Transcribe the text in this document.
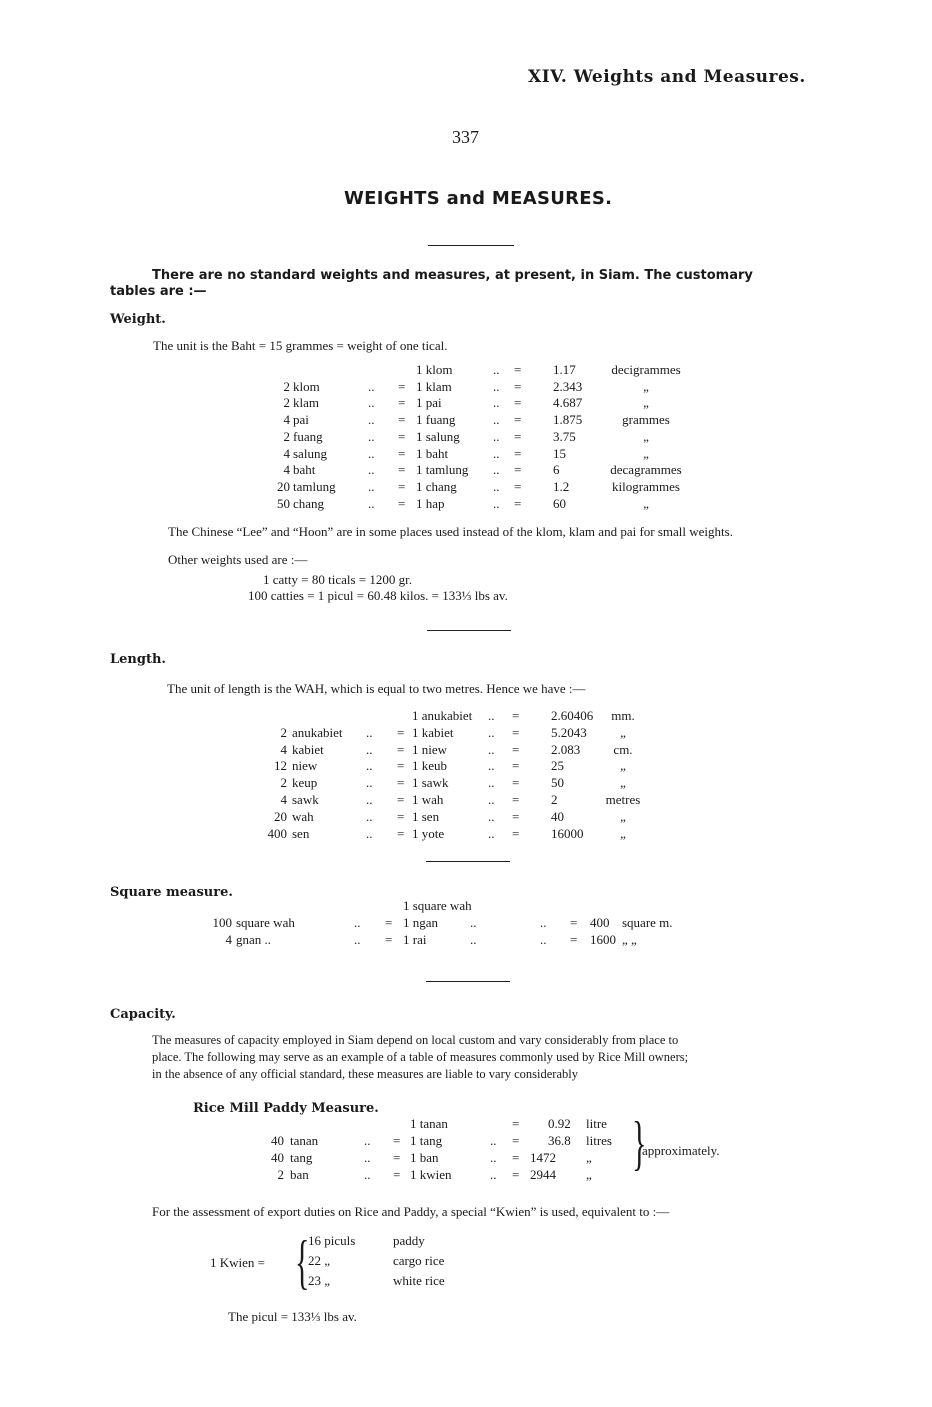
XIV. Weights and Measures.
337
WEIGHTS and MEASURES.
There are no standard weights and measures, at present, in Siam. The customary
tables are :—
Weight.
The unit is the Baht = 15 grammes = weight of one tical.
1 klom	.. = 1.17	decigrammes
2 klom	.. = 1 klam	.. = 2.343	„
2 klam	.. = 1 pai	.. = 4.687	„
4 pai	.. = 1 fuang	.. = 1.875	grammes
2 fuang	.. = 1 salung	.. = 3.75	„
4 salung	.. = 1 baht	.. = 15	„
4 baht	.. = 1 tamlung .. = 6	decagrammes
20 tamlung .. = 1 chang	.. = 1.2	kilogrammes
50 chang	.. = 1 hap	.. = 60	„
The Chinese “Lee” and “Hoon” are in some places used instead of the klom, klam and pai for small weights.
Other weights used are :—
1 catty = 80 ticals = 1200 gr.
100 catties = 1 picul = 60.48 kilos. = 133⅓ lbs av.
Length.
The unit of length is the WAH, which is equal to two metres. Hence we have :—
1 anukabiet .. = 2.60406	mm.
2 anukabiet .. = 1 kabiet	.. = 5.2043	„
4 kabiet	.. = 1 niew	.. = 2.083	cm.
12 niew	.. = 1 keub	.. = 25	„
2 keup	.. = 1 sawk	.. = 50	„
4 sawk	.. = 1 wah	.. = 2	metres
20 wah	.. = 1 sen	.. = 40	„
400 sen	.. = 1 yote	.. = 16000	„
Square measure.
1 square wah
100 square wah	.. = 1 ngan ..	.. = 400 square m.
4 gnan ..	.. = 1 rai	..	.. = 1600 „ „
Capacity.
The measures of capacity employed in Siam depend on local custom and vary considerably from place to
place. The following may serve as an example of a table of measures commonly used by Rice Mill owners;
in the absence of any official standard, these measures are liable to vary considerably
Rice Mill Paddy Measure.
1 tanan	= 0.92 litre
40 tanan	.. = 1 tang	.. = 36.8 litres
40 tang	.. = 1 ban	.. = 1472 „
2 ban	.. = 1 kwien	.. = 2944 „ }
approximately.
For the assessment of export duties on Rice and Paddy, a special “Kwien” is used, equivalent to :—
1 Kwien = {
16 piculs	paddy
22 „	cargo rice
23 „	white rice
The picul = 133⅓ lbs av.
